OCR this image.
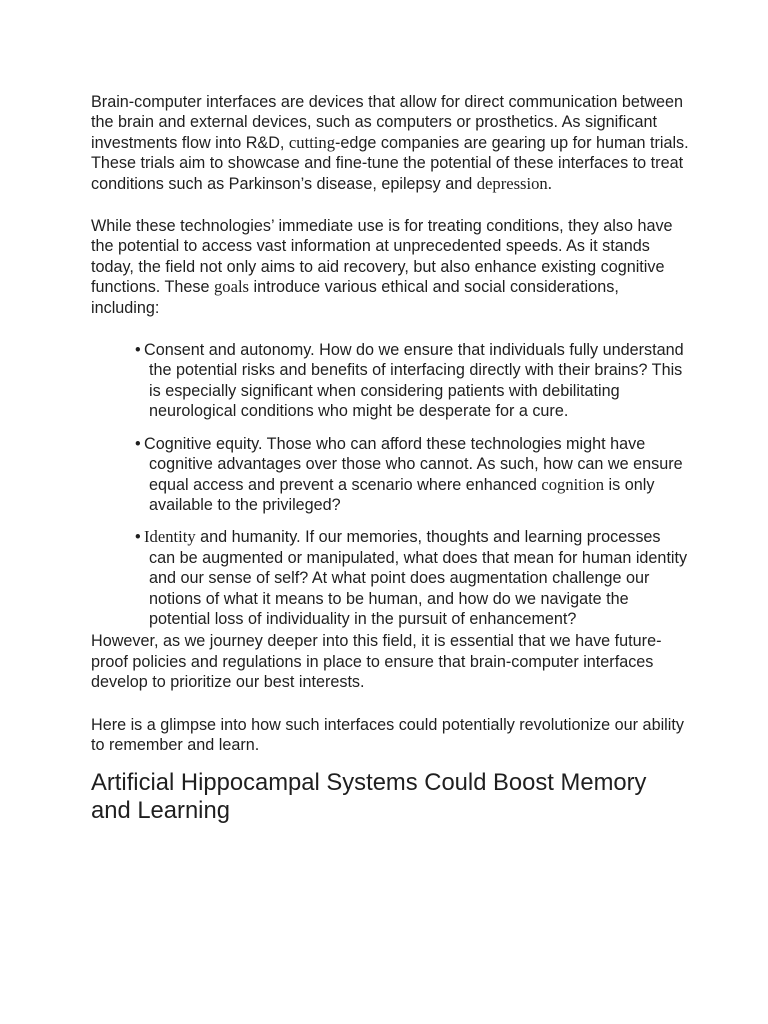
Brain-computer interfaces are devices that allow for direct communication between the brain and external devices, such as computers or prosthetics. As significant investments flow into R&D, cutting-edge companies are gearing up for human trials. These trials aim to showcase and fine-tune the potential of these interfaces to treat conditions such as Parkinson’s disease, epilepsy and depression.

While these technologies’ immediate use is for treating conditions, they also have the potential to access vast information at unprecedented speeds. As it stands today, the field not only aims to aid recovery, but also enhance existing cognitive functions. These goals introduce various ethical and social considerations, including:

• Consent and autonomy. How do we ensure that individuals fully understand the potential risks and benefits of interfacing directly with their brains? This is especially significant when considering patients with debilitating neurological conditions who might be desperate for a cure.
• Cognitive equity. Those who can afford these technologies might have cognitive advantages over those who cannot. As such, how can we ensure equal access and prevent a scenario where enhanced cognition is only available to the privileged?
• Identity and humanity. If our memories, thoughts and learning processes can be augmented or manipulated, what does that mean for human identity and our sense of self? At what point does augmentation challenge our notions of what it means to be human, and how do we navigate the potential loss of individuality in the pursuit of enhancement?

However, as we journey deeper into this field, it is essential that we have future-proof policies and regulations in place to ensure that brain-computer interfaces develop to prioritize our best interests.

Here is a glimpse into how such interfaces could potentially revolutionize our ability to remember and learn.

Artificial Hippocampal Systems Could Boost Memory and Learning
